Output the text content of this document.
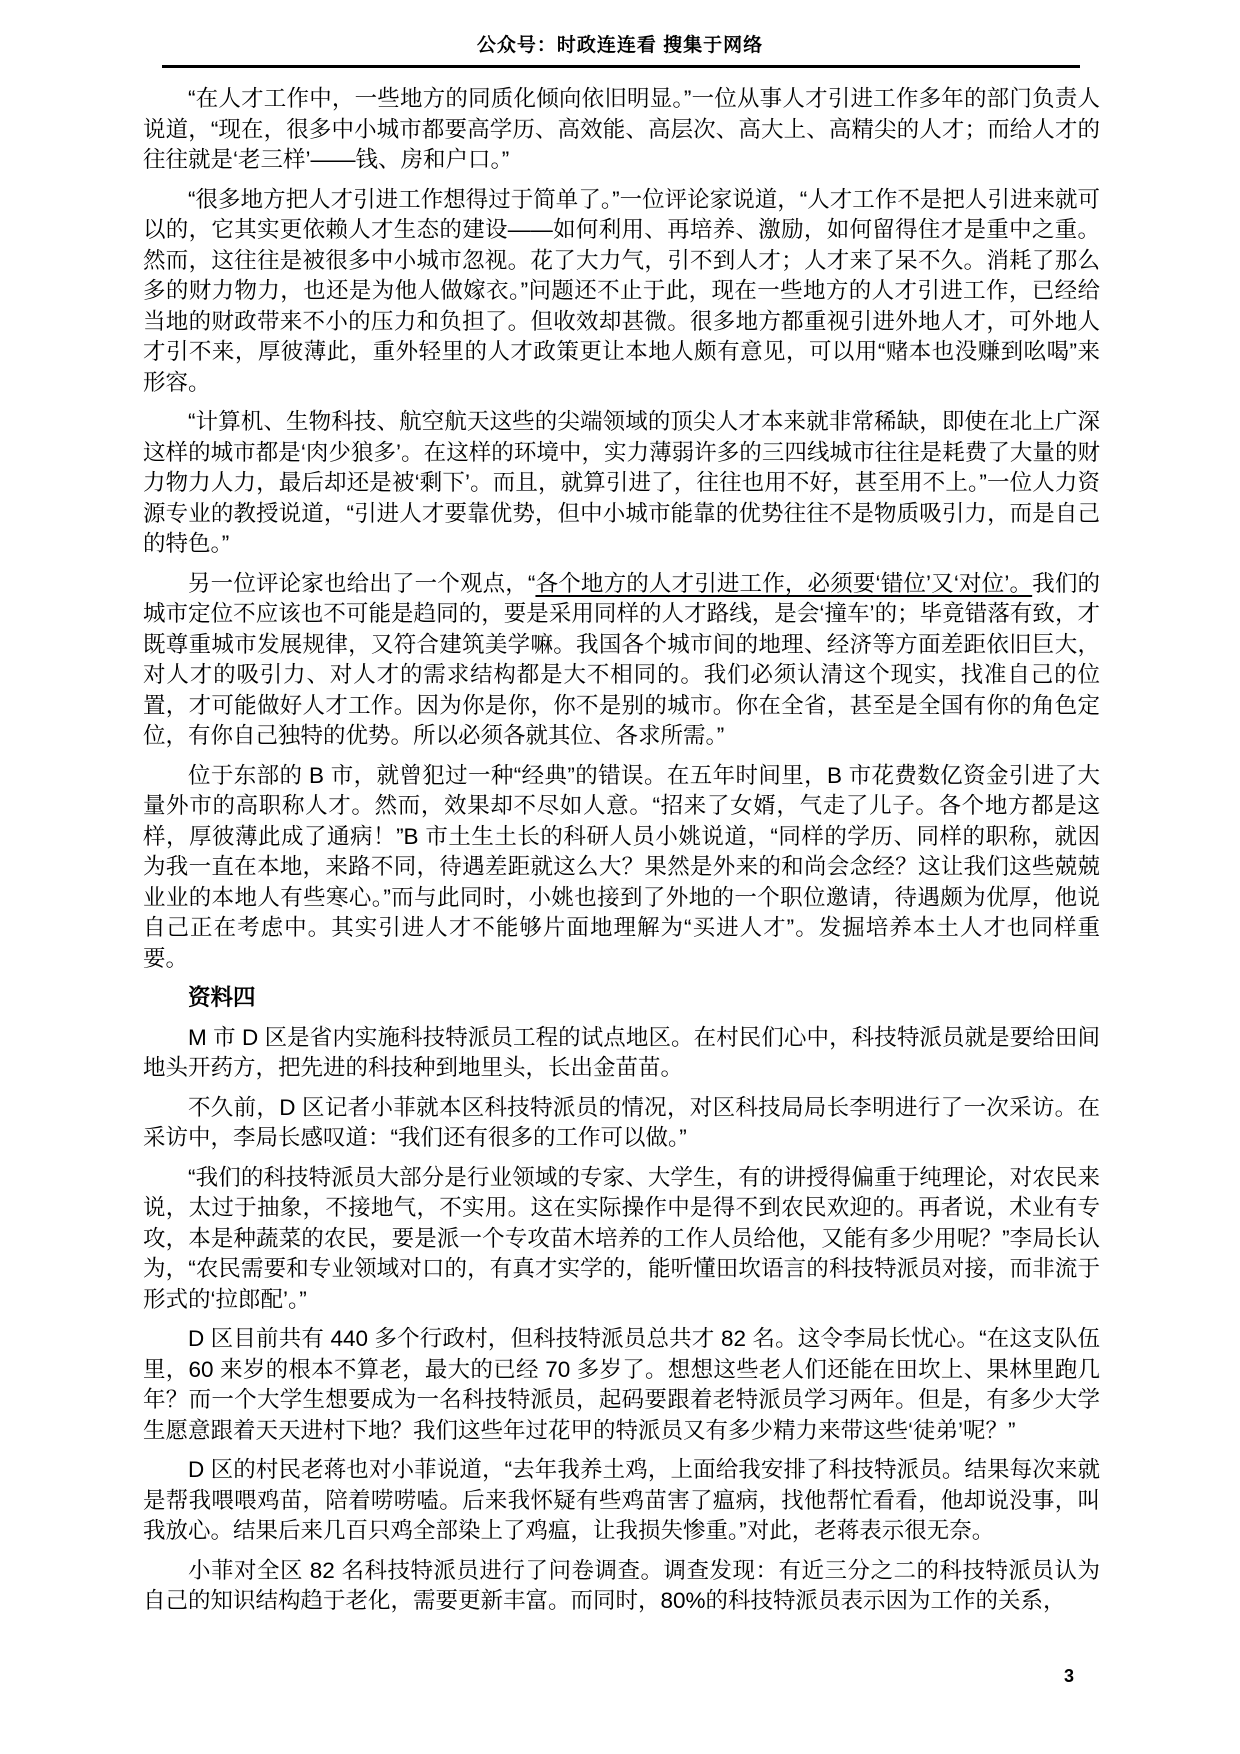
公众号：时政连连看 搜集于网络

“在人才工作中，一些地方的同质化倾向依旧明显。”一位从事人才引进工作多年的部门负责人说道，“现在，很多中小城市都要高学历、高效能、高层次、高大上、高精尖的人才；而给人才的往往就是‘老三样’——钱、房和户口。”

“很多地方把人才引进工作想得过于简单了。”一位评论家说道，“人才工作不是把人引进来就可以的，它其实更依赖人才生态的建设——如何利用、再培养、激励，如何留得住才是重中之重。然而，这往往是被很多中小城市忽视。花了大力气，引不到人才；人才来了呆不久。消耗了那么多的财力物力，也还是为他人做嫁衣。”问题还不止于此，现在一些地方的人才引进工作，已经给当地的财政带来不小的压力和负担了。但收效却甚微。很多地方都重视引进外地人才，可外地人才引不来，厚彼薄此，重外轻里的人才政策更让本地人颇有意见，可以用“赌本也没赚到吆喝”来形容。

“计算机、生物科技、航空航天这些的尖端领域的顶尖人才本来就非常稀缺，即使在北上广深这样的城市都是‘肉少狼多’。在这样的环境中，实力薄弱许多的三四线城市往往是耗费了大量的财力物力人力，最后却还是被‘剩下’。而且，就算引进了，往往也用不好，甚至用不上。”一位人力资源专业的教授说道，“引进人才要靠优势，但中小城市能靠的优势往往不是物质吸引力，而是自己的特色。”

另一位评论家也给出了一个观点，“各个地方的人才引进工作，必须要‘错位’又‘对位’。我们的城市定位不应该也不可能是趋同的，要是采用同样的人才路线，是会‘撞车’的；毕竟错落有致，才既尊重城市发展规律，又符合建筑美学嘛。我国各个城市间的地理、经济等方面差距依旧巨大，对人才的吸引力、对人才的需求结构都是大不相同的。我们必须认清这个现实，找准自己的位置，才可能做好人才工作。因为你是你，你不是别的城市。你在全省，甚至是全国有你的角色定位，有你自己独特的优势。所以必须各就其位、各求所需。”

位于东部的 B 市，就曾犯过一种“经典”的错误。在五年时间里，B 市花费数亿资金引进了大量外市的高职称人才。然而，效果却不尽如人意。“招来了女婿，气走了儿子。各个地方都是这样，厚彼薄此成了通病！”B 市土生土长的科研人员小姚说道，“同样的学历、同样的职称，就因为我一直在本地，来路不同，待遇差距就这么大？果然是外来的和尚会念经？这让我们这些兢兢业业的本地人有些寒心。”而与此同时，小姚也接到了外地的一个职位邀请，待遇颇为优厚，他说自己正在考虑中。其实引进人才不能够片面地理解为“买进人才”。发掘培养本土人才也同样重要。

资料四

M 市 D 区是省内实施科技特派员工程的试点地区。在村民们心中，科技特派员就是要给田间地头开药方，把先进的科技种到地里头，长出金苗苗。

不久前，D 区记者小菲就本区科技特派员的情况，对区科技局局长李明进行了一次采访。在采访中，李局长感叹道：“我们还有很多的工作可以做。”

“我们的科技特派员大部分是行业领域的专家、大学生，有的讲授得偏重于纯理论，对农民来说，太过于抽象，不接地气，不实用。这在实际操作中是得不到农民欢迎的。再者说，术业有专攻，本是种蔬菜的农民，要是派一个专攻苗木培养的工作人员给他，又能有多少用呢？”李局长认为，“农民需要和专业领域对口的，有真才实学的，能听懂田坎语言的科技特派员对接，而非流于形式的‘拉郎配’。”

D 区目前共有 440 多个行政村，但科技特派员总共才 82 名。这令李局长忧心。“在这支队伍里，60 来岁的根本不算老，最大的已经 70 多岁了。想想这些老人们还能在田坎上、果林里跑几年？而一个大学生想要成为一名科技特派员，起码要跟着老特派员学习两年。但是，有多少大学生愿意跟着天天进村下地？我们这些年过花甲的特派员又有多少精力来带这些‘徒弟’呢？”

D 区的村民老蒋也对小菲说道，“去年我养土鸡，上面给我安排了科技特派员。结果每次来就是帮我喂喂鸡苗，陪着唠唠嗑。后来我怀疑有些鸡苗害了瘟病，找他帮忙看看，他却说没事，叫我放心。结果后来几百只鸡全部染上了鸡瘟，让我损失惨重。”对此，老蒋表示很无奈。

小菲对全区 82 名科技特派员进行了问卷调查。调查发现：有近三分之二的科技特派员认为自己的知识结构趋于老化，需要更新丰富。而同时，80%的科技特派员表示因为工作的关系，

3
